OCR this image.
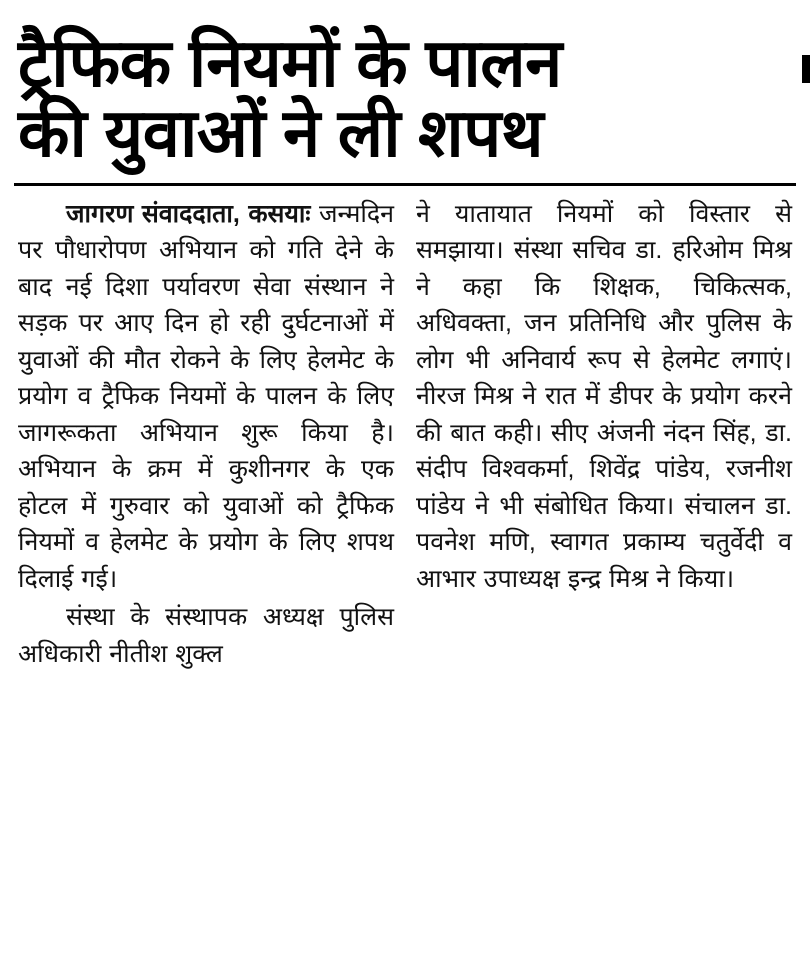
ट्रैफिक नियमों के पालन
की युवाओं ने ली शपथ

जागरण संवाददाता, कसयाः जन्मदिन पर पौधारोपण अभियान को गति देने के बाद नई दिशा पर्यावरण सेवा संस्थान ने सड़क पर आए दिन हो रही दुर्घटनाओं में युवाओं की मौत रोकने के लिए हेलमेट के प्रयोग व ट्रैफिक नियमों के पालन के लिए जागरूकता अभियान शुरू किया है। अभियान के क्रम में कुशीनगर के एक होटल में गुरुवार को युवाओं को ट्रैफिक नियमों व हेलमेट के प्रयोग के लिए शपथ दिलाई गई।

संस्था के संस्थापक अध्यक्ष पुलिस अधिकारी नीतीश शुक्ल

ने यातायात नियमों को विस्तार से समझाया। संस्था सचिव डा. हरिओम मिश्र ने कहा कि शिक्षक, चिकित्सक, अधिवक्ता, जन प्रतिनिधि और पुलिस के लोग भी अनिवार्य रूप से हेलमेट लगाएं। नीरज मिश्र ने रात में डीपर के प्रयोग करने की बात कही। सीए अंजनी नंदन सिंह, डा. संदीप विश्वकर्मा, शिवेंद्र पांडेय, रजनीश पांडेय ने भी संबोधित किया। संचालन डा. पवनेश मणि, स्वागत प्रकाम्य चतुर्वेदी व आभार उपाध्यक्ष इन्द्र मिश्र ने किया।
